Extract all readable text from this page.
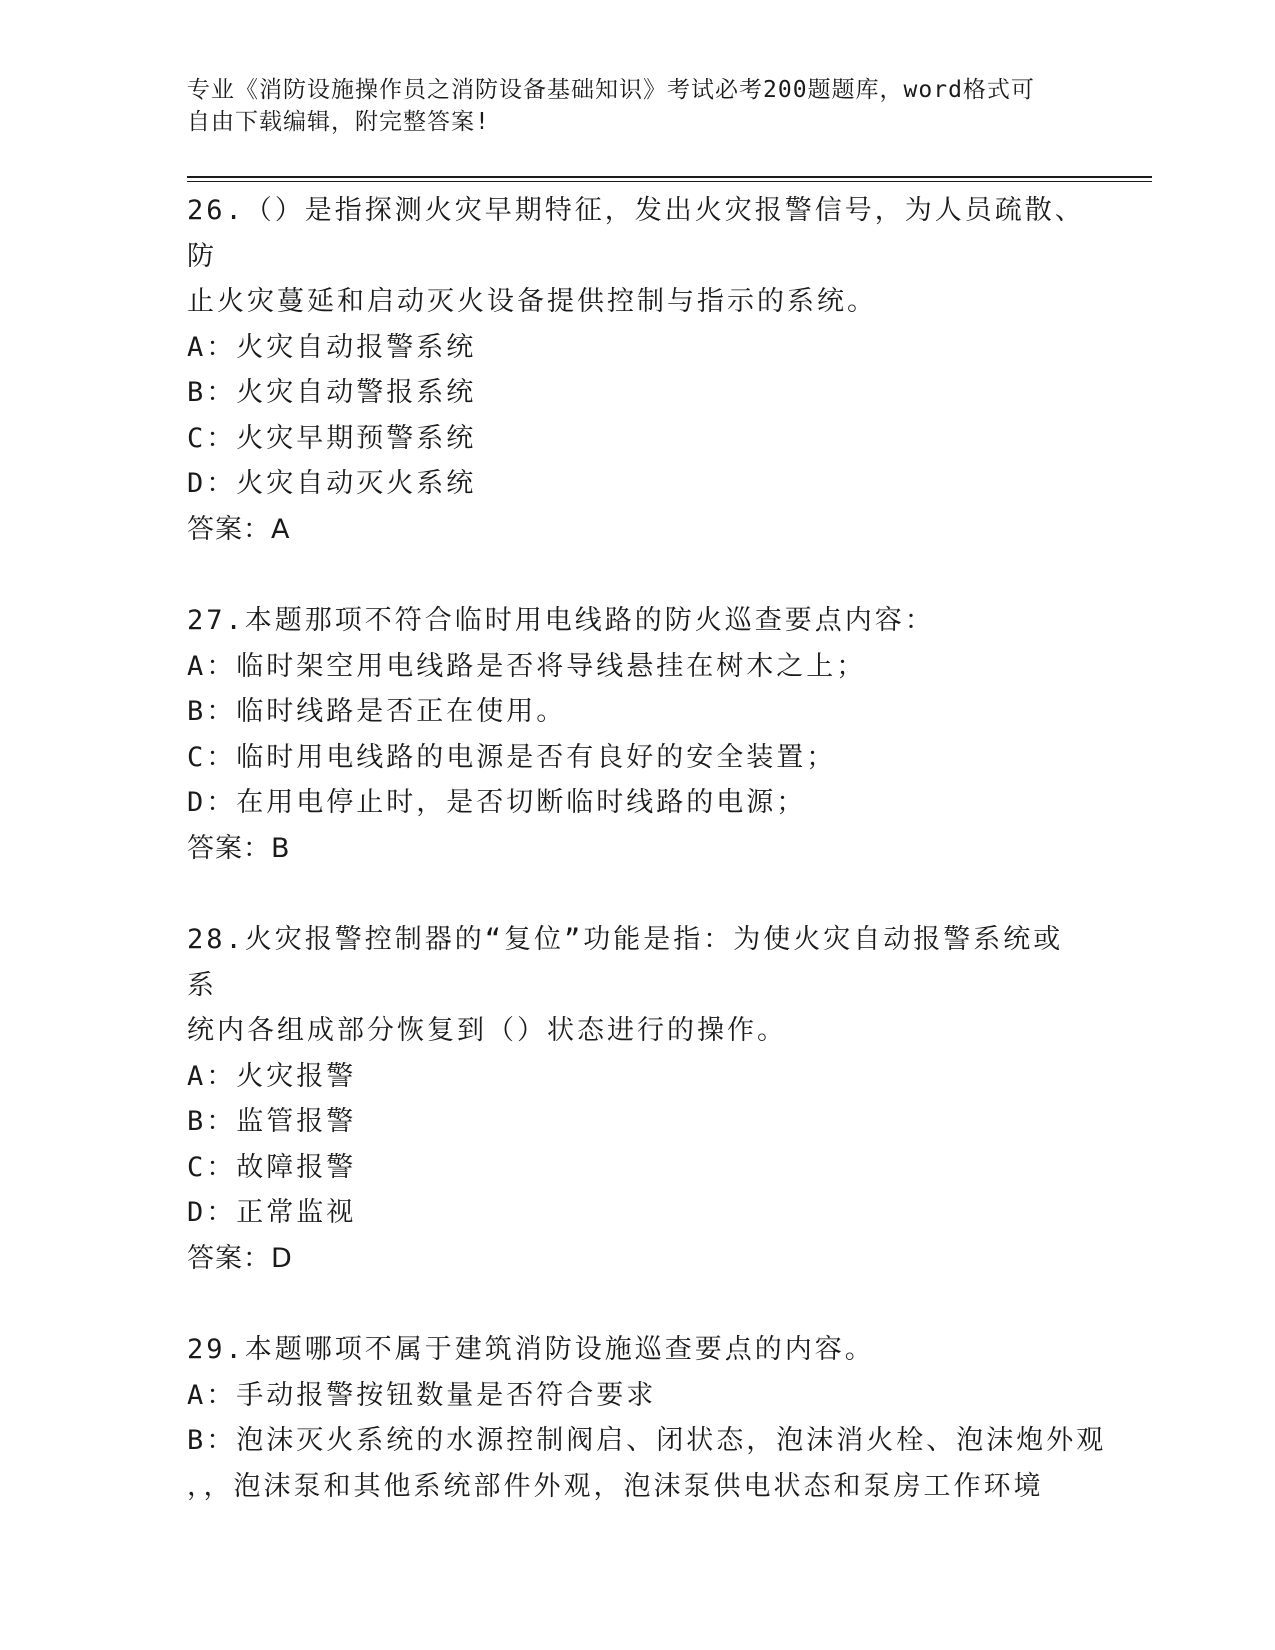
专业《消防设施操作员之消防设备基础知识》考试必考200题题库，word格式可
自由下载编辑，附完整答案!
26.（）是指探测火灾早期特征，发出火灾报警信号，为人员疏散、防
止火灾蔓延和启动灭火设备提供控制与指示的系统。
A：火灾自动报警系统
B：火灾自动警报系统
C：火灾早期预警系统
D：火灾自动灭火系统
答案：A
27.本题那项不符合临时用电线路的防火巡查要点内容：
A：临时架空用电线路是否将导线悬挂在树木之上；
B：临时线路是否正在使用。
C：临时用电线路的电源是否有良好的安全装置；
D：在用电停止时，是否切断临时线路的电源；
答案：B
28.火灾报警控制器的“复位”功能是指：为使火灾自动报警系统或系
统内各组成部分恢复到（）状态进行的操作。
A：火灾报警
B：监管报警
C：故障报警
D：正常监视
答案：D
29.本题哪项不属于建筑消防设施巡查要点的内容。
A：手动报警按钮数量是否符合要求
B：泡沫灭火系统的水源控制阀启、闭状态，泡沫消火栓、泡沫炮外观
，，泡沫泵和其他系统部件外观，泡沫泵供电状态和泵房工作环境
